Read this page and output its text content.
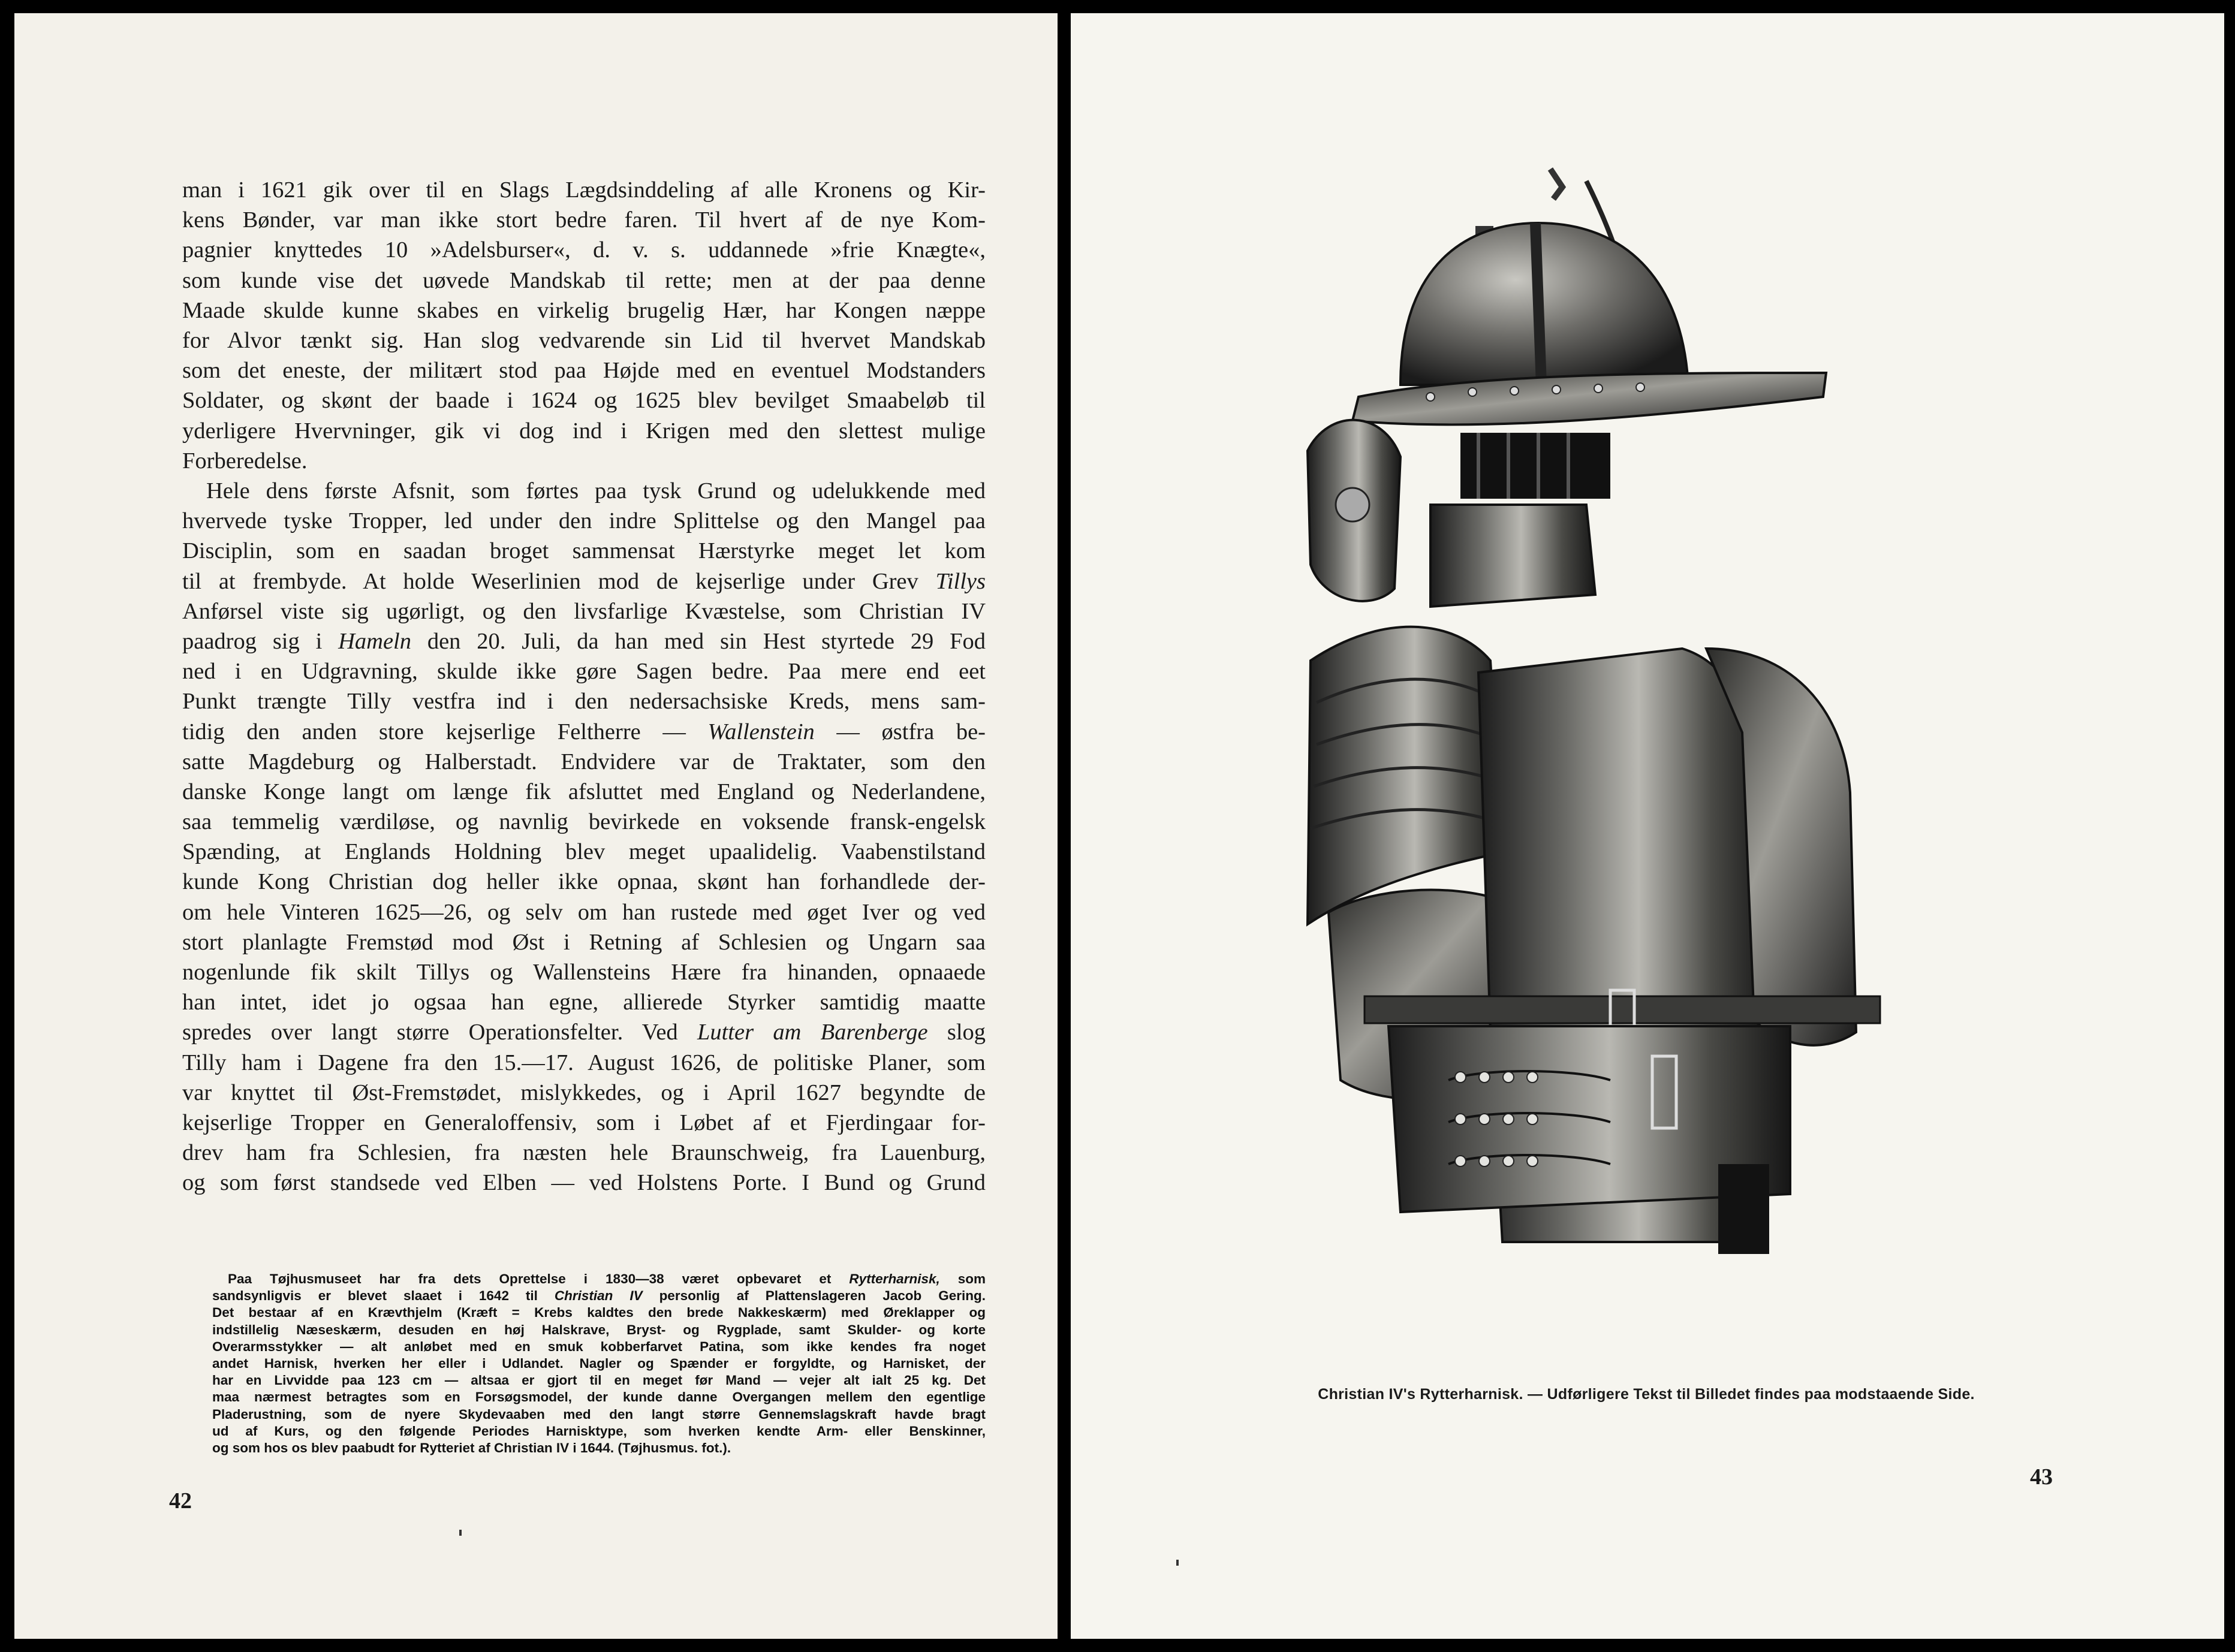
man i 1621 gik over til en Slags Lægdsinddeling af alle Kronens og Kir-
kens Bønder, var man ikke stort bedre faren. Til hvert af de nye Kom-
pagnier knyttedes 10 »Adelsburser«, d. v. s. uddannede »frie Knægte«,
som kunde vise det uøvede Mandskab til rette; men at der paa denne
Maade skulde kunne skabes en virkelig brugelig Hær, har Kongen næppe
for Alvor tænkt sig. Han slog vedvarende sin Lid til hvervet Mandskab
som det eneste, der militært stod paa Højde med en eventuel Modstanders
Soldater, og skønt der baade i 1624 og 1625 blev bevilget Smaabeløb til
yderligere Hvervninger, gik vi dog ind i Krigen med den slettest mulige
Forberedelse.
Hele dens første Afsnit, som førtes paa tysk Grund og udelukkende med
hvervede tyske Tropper, led under den indre Splittelse og den Mangel paa
Disciplin, som en saadan broget sammensat Hærstyrke meget let kom
til at frembyde. At holde Weserlinien mod de kejserlige under Grev Tillys
Anførsel viste sig ugørligt, og den livsfarlige Kvæstelse, som Christian IV
paadrog sig i Hameln den 20. Juli, da han med sin Hest styrtede 29 Fod
ned i en Udgravning, skulde ikke gøre Sagen bedre. Paa mere end eet
Punkt trængte Tilly vestfra ind i den nedersachsiske Kreds, mens sam-
tidig den anden store kejserlige Feltherre — Wallenstein — østfra be-
satte Magdeburg og Halberstadt. Endvidere var de Traktater, som den
danske Konge langt om længe fik afsluttet med England og Nederlandene,
saa temmelig værdiløse, og navnlig bevirkede en voksende fransk-engelsk
Spænding, at Englands Holdning blev meget upaalidelig. Vaabenstilstand
kunde Kong Christian dog heller ikke opnaa, skønt han forhandlede der-
om hele Vinteren 1625—26, og selv om han rustede med øget Iver og ved
stort planlagte Fremstød mod Øst i Retning af Schlesien og Ungarn saa
nogenlunde fik skilt Tillys og Wallensteins Hære fra hinanden, opnaaede
han intet, idet jo ogsaa han egne, allierede Styrker samtidig maatte
spredes over langt større Operationsfelter. Ved Lutter am Barenberge slog
Tilly ham i Dagene fra den 15.—17. August 1626, de politiske Planer, som
var knyttet til Øst-Fremstødet, mislykkedes, og i April 1627 begyndte de
kejserlige Tropper en Generaloffensiv, som i Løbet af et Fjerdingaar for-
drev ham fra Schlesien, fra næsten hele Braunschweig, fra Lauenburg,
og som først standsede ved Elben — ved Holstens Porte. I Bund og Grund
Paa Tøjhusmuseet har fra dets Oprettelse i 1830—38 været opbevaret et Rytterharnisk, som
sandsynligvis er blevet slaaet i 1642 til Christian IV personlig af Plattenslageren Jacob Gering.
Det bestaar af en Krævthjelm (Kræft = Krebs kaldtes den brede Nakkeskærm) med Øreklapper og
indstillelig Næseskærm, desuden en høj Halskrave, Bryst- og Rygplade, samt Skulder- og korte
Overarmsstykker — alt anløbet med en smuk kobberfarvet Patina, som ikke kendes fra noget
andet Harnisk, hverken her eller i Udlandet. Nagler og Spænder er forgyldte, og Harnisket, der
har en Livvidde paa 123 cm — altsaa er gjort til en meget før Mand — vejer alt ialt 25 kg. Det
maa nærmest betragtes som en Forsøgsmodel, der kunde danne Overgangen mellem den egentlige
Pladerustning, som de nyere Skydevaaben med den langt større Gennemslagskraft havde bragt
ud af Kurs, og den følgende Periodes Harnisktype, som hverken kendte Arm- eller Benskinner,
og som hos os blev paabudt for Rytteriet af Christian IV i 1644. (Tøjhusmus. fot.).
42
Christian IV's Rytterharnisk. — Udførligere Tekst til Billedet findes paa modstaaende Side.
43
